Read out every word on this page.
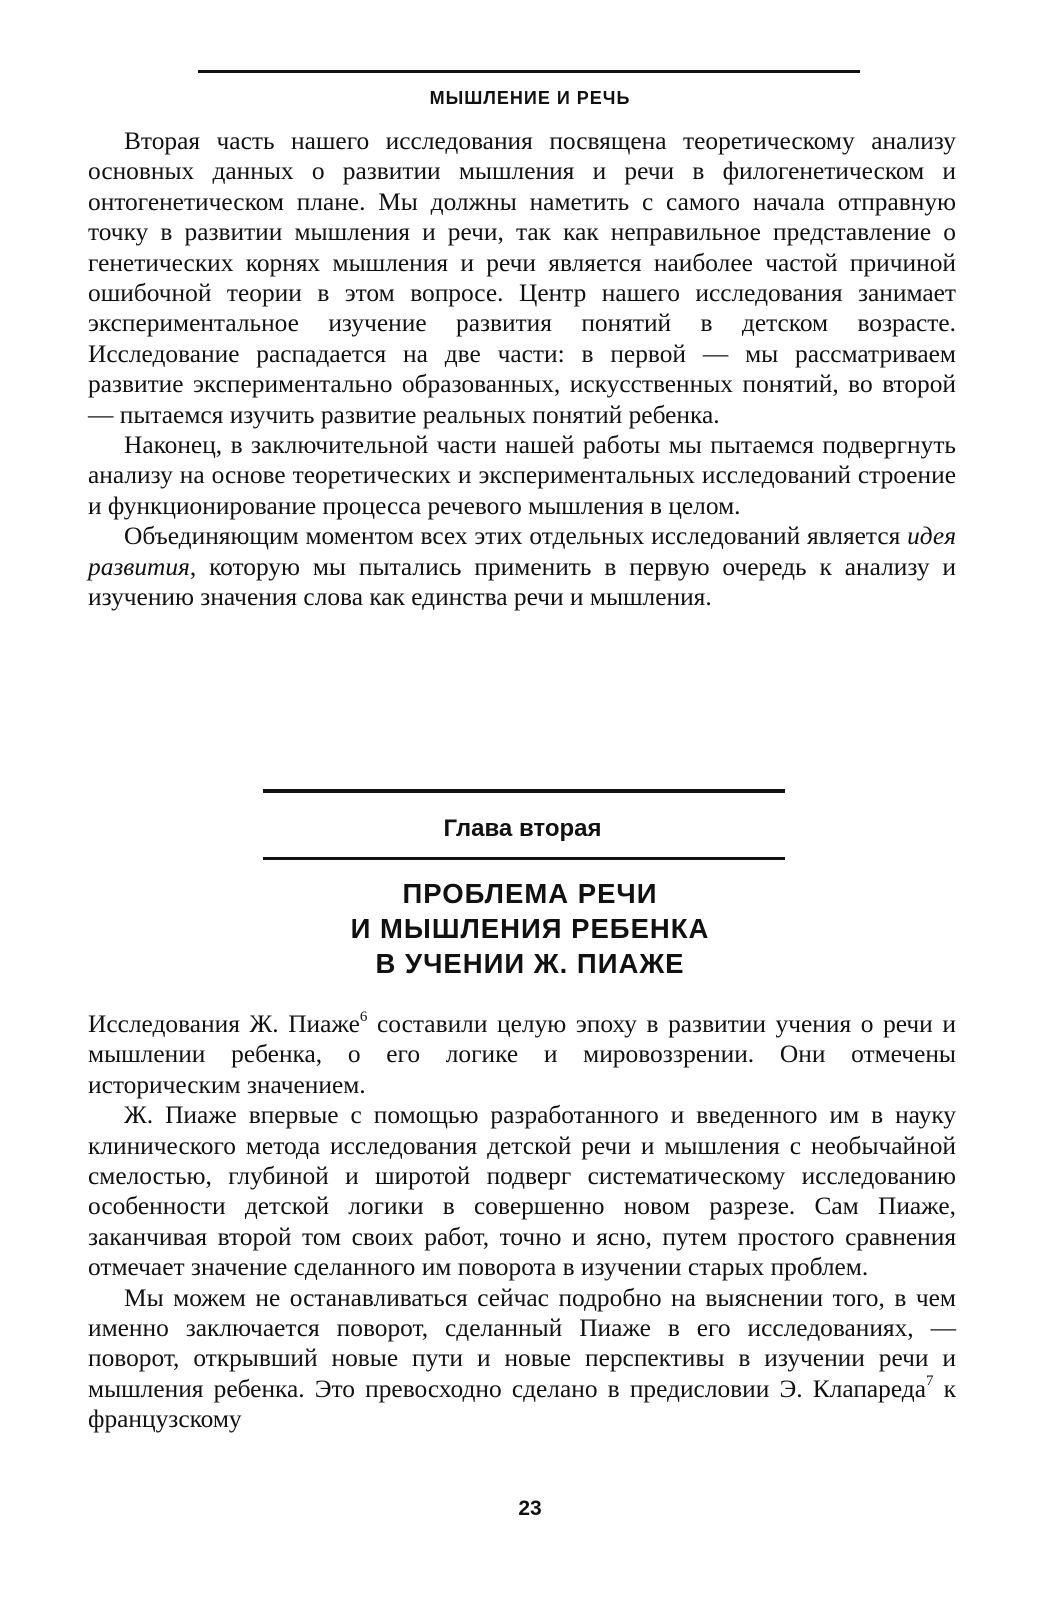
МЫШЛЕНИЕ И РЕЧЬ

Вторая часть нашего исследования посвящена теоретическому анализу основных данных о развитии мышления и речи в филогенетическом и онтогенетическом плане. Мы должны наметить с самого начала отправную точку в развитии мышления и речи, так как неправильное представление о генетических корнях мышления и речи является наиболее частой причиной ошибочной теории в этом вопросе. Центр нашего исследования занимает экспериментальное изучение развития понятий в детском возрасте. Исследование распадается на две части: в первой — мы рассматриваем развитие экспериментально образованных, искусственных понятий, во второй — пытаемся изучить развитие реальных понятий ребенка.

Наконец, в заключительной части нашей работы мы пытаемся подвергнуть анализу на основе теоретических и экспериментальных исследований строение и функционирование процесса речевого мышления в целом.

Объединяющим моментом всех этих отдельных исследований является идея развития, которую мы пытались применить в первую очередь к анализу и изучению значения слова как единства речи и мышления.

Глава вторая
ПРОБЛЕМА РЕЧИ
И МЫШЛЕНИЯ РЕБЕНКА
В УЧЕНИИ Ж. ПИАЖЕ

Исследования Ж. Пиаже$^6$ составили целую эпоху в развитии учения о речи и мышлении ребенка, о его логике и мировоззрении. Они отмечены историческим значением.

Ж. Пиаже впервые с помощью разработанного и введенного им в науку клинического метода исследования детской речи и мышления с необычайной смелостью, глубиной и широтой подверг систематическому исследованию особенности детской логики в совершенно новом разрезе. Сам Пиаже, заканчивая второй том своих работ, точно и ясно, путем простого сравнения отмечает значение сделанного им поворота в изучении старых проблем.

Мы можем не останавливаться сейчас подробно на выяснении того, в чем именно заключается поворот, сделанный Пиаже в его исследованиях, — поворот, открывший новые пути и новые перспективы в изучении речи и мышления ребенка. Это превосходно сделано в предисловии Э. Клапареда$^7$ к французскому

23
